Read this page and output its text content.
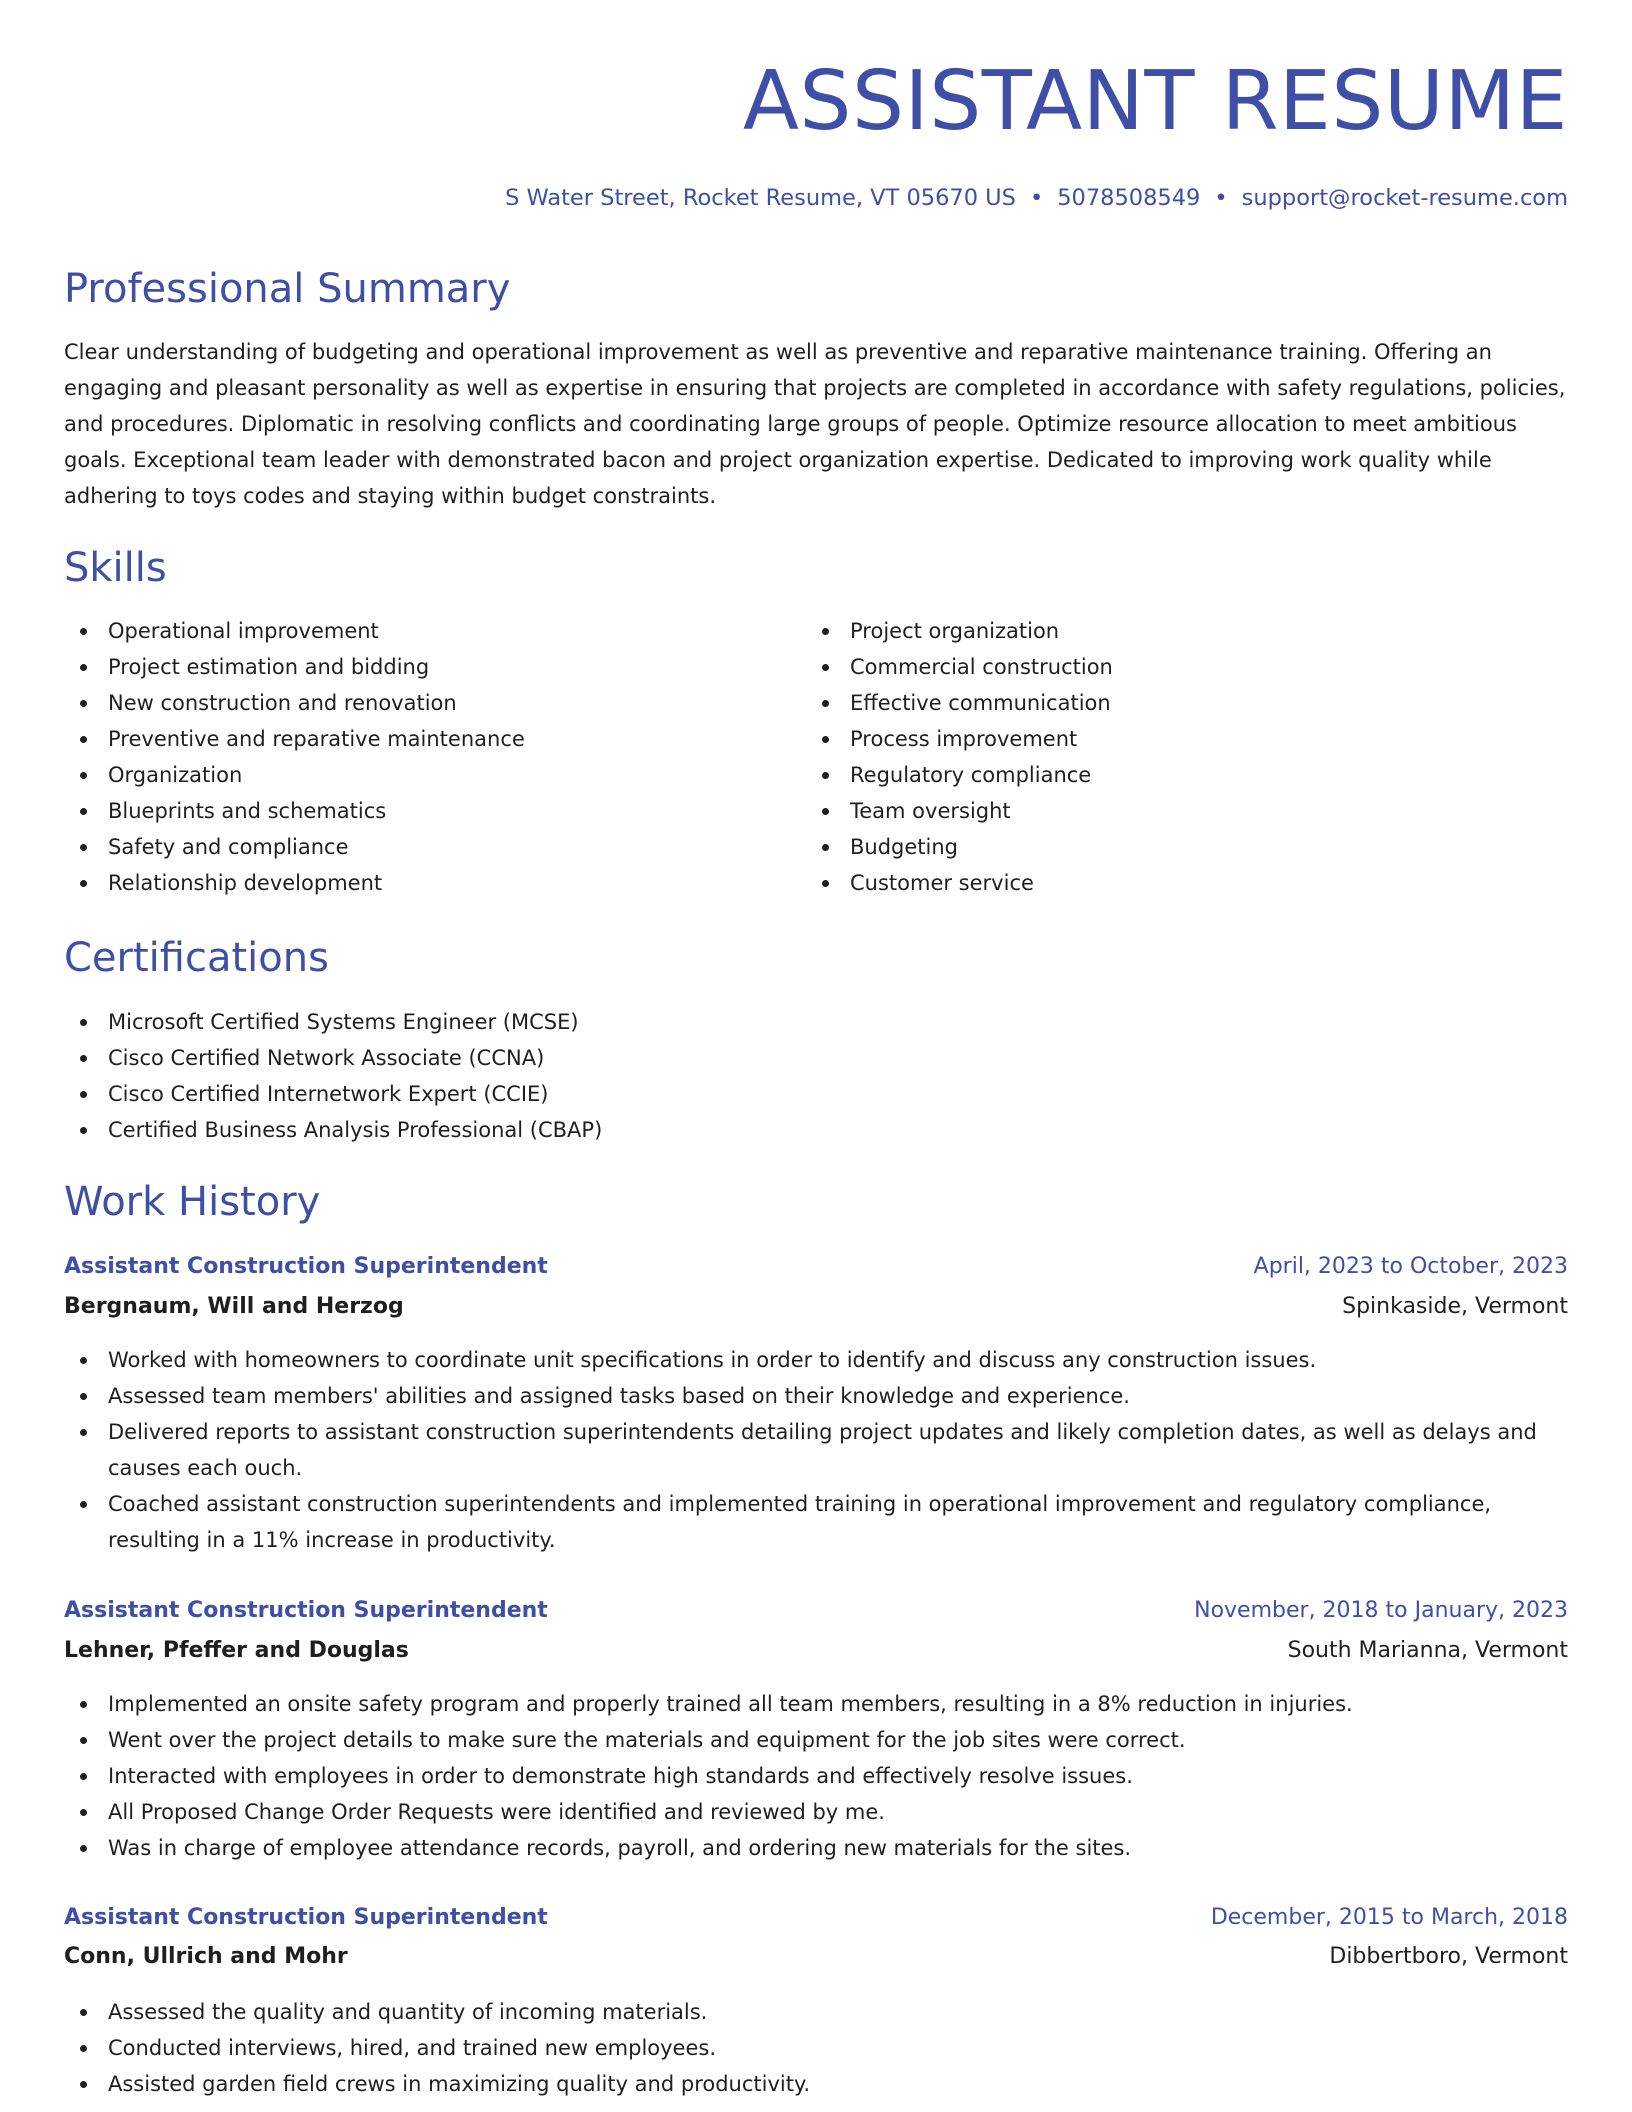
ASSISTANT RESUME
S Water Street, Rocket Resume, VT 05670 US • 5078508549 • support@rocket-resume.com
Professional Summary

Clear understanding of budgeting and operational improvement as well as preventive and reparative maintenance training. Offering an engaging and pleasant personality as well as expertise in ensuring that projects are completed in accordance with safety regulations, policies, and procedures. Diplomatic in resolving conflicts and coordinating large groups of people. Optimize resource allocation to meet ambitious goals. Exceptional team leader with demonstrated bacon and project organization expertise. Dedicated to improving work quality while adhering to toys codes and staying within budget constraints.

Skills
Operational improvement
Project estimation and bidding
New construction and renovation
Preventive and reparative maintenance
Organization
Blueprints and schematics
Safety and compliance
Relationship development
Project organization
Commercial construction
Effective communication
Process improvement
Regulatory compliance
Team oversight
Budgeting
Customer service
Certifications
Microsoft Certified Systems Engineer (MCSE)
Cisco Certified Network Associate (CCNA)
Cisco Certified Internetwork Expert (CCIE)
Certified Business Analysis Professional (CBAP)
Work History
Assistant Construction Superintendent	April, 2023 to October, 2023
Bergnaum, Will and Herzog	Spinkaside, Vermont
Worked with homeowners to coordinate unit specifications in order to identify and discuss any construction issues.
Assessed team members' abilities and assigned tasks based on their knowledge and experience.
Delivered reports to assistant construction superintendents detailing project updates and likely completion dates, as well as delays and causes each ouch.
Coached assistant construction superintendents and implemented training in operational improvement and regulatory compliance, resulting in a 11% increase in productivity.
Assistant Construction Superintendent	November, 2018 to January, 2023
Lehner, Pfeffer and Douglas	South Marianna, Vermont
Implemented an onsite safety program and properly trained all team members, resulting in a 8% reduction in injuries.
Went over the project details to make sure the materials and equipment for the job sites were correct.
Interacted with employees in order to demonstrate high standards and effectively resolve issues.
All Proposed Change Order Requests were identified and reviewed by me.
Was in charge of employee attendance records, payroll, and ordering new materials for the sites.
Assistant Construction Superintendent	December, 2015 to March, 2018
Conn, Ullrich and Mohr	Dibbertboro, Vermont
Assessed the quality and quantity of incoming materials.
Conducted interviews, hired, and trained new employees.
Assisted garden field crews in maximizing quality and productivity.
